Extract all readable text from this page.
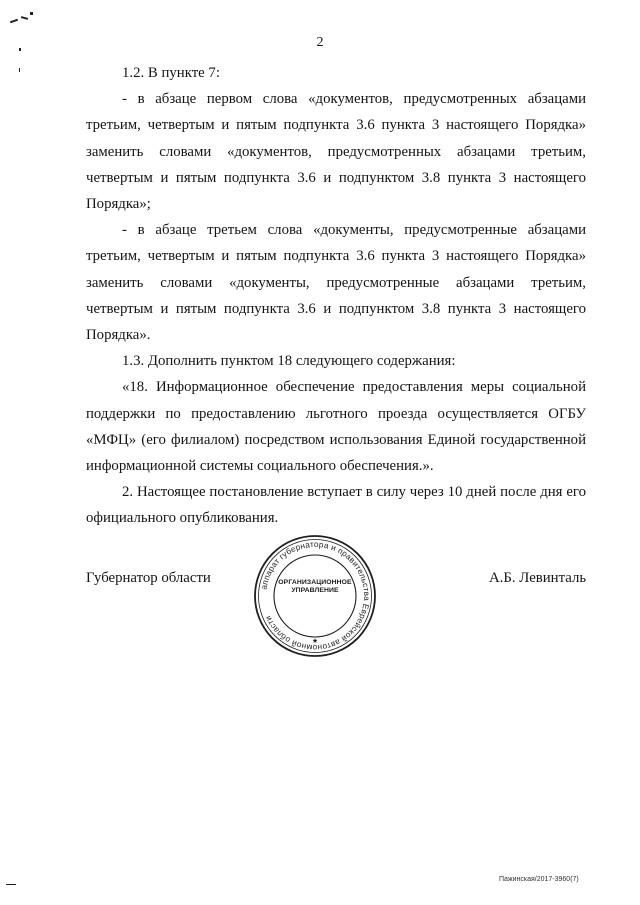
2

1.2. В пункте 7:

- в абзаце первом слова «документов, предусмотренных абзацами третьим, четвертым и пятым подпункта 3.6 пункта 3 настоящего Порядка» заменить словами «документов, предусмотренных абзацами третьим, четвертым и пятым подпункта 3.6 и подпунктом 3.8 пункта 3 настоящего Порядка»;

- в абзаце третьем слова «документы, предусмотренные абзацами третьим, четвертым и пятым подпункта 3.6 пункта 3 настоящего Порядка» заменить словами «документы, предусмотренные абзацами третьим, четвертым и пятым подпункта 3.6 и подпунктом 3.8 пункта 3 настоящего Порядка».

1.3. Дополнить пунктом 18 следующего содержания:

«18. Информационное обеспечение предоставления меры социальной поддержки по предоставлению льготного проезда осуществляется ОГБУ «МФЦ» (его филиалом) посредством использования Единой государственной информационной системы социального обеспечения.».

2. Настоящее постановление вступает в силу через 10 дней после дня его официального опубликования.

Губернатор области	А.Б. Левинталь
аппарат губернатора и правительства Еврейской автономной области
★
ОРГАНИЗАЦИОННОЕ
УПРАВЛЕНИЕ
Пажинская/2017-3960(7)
